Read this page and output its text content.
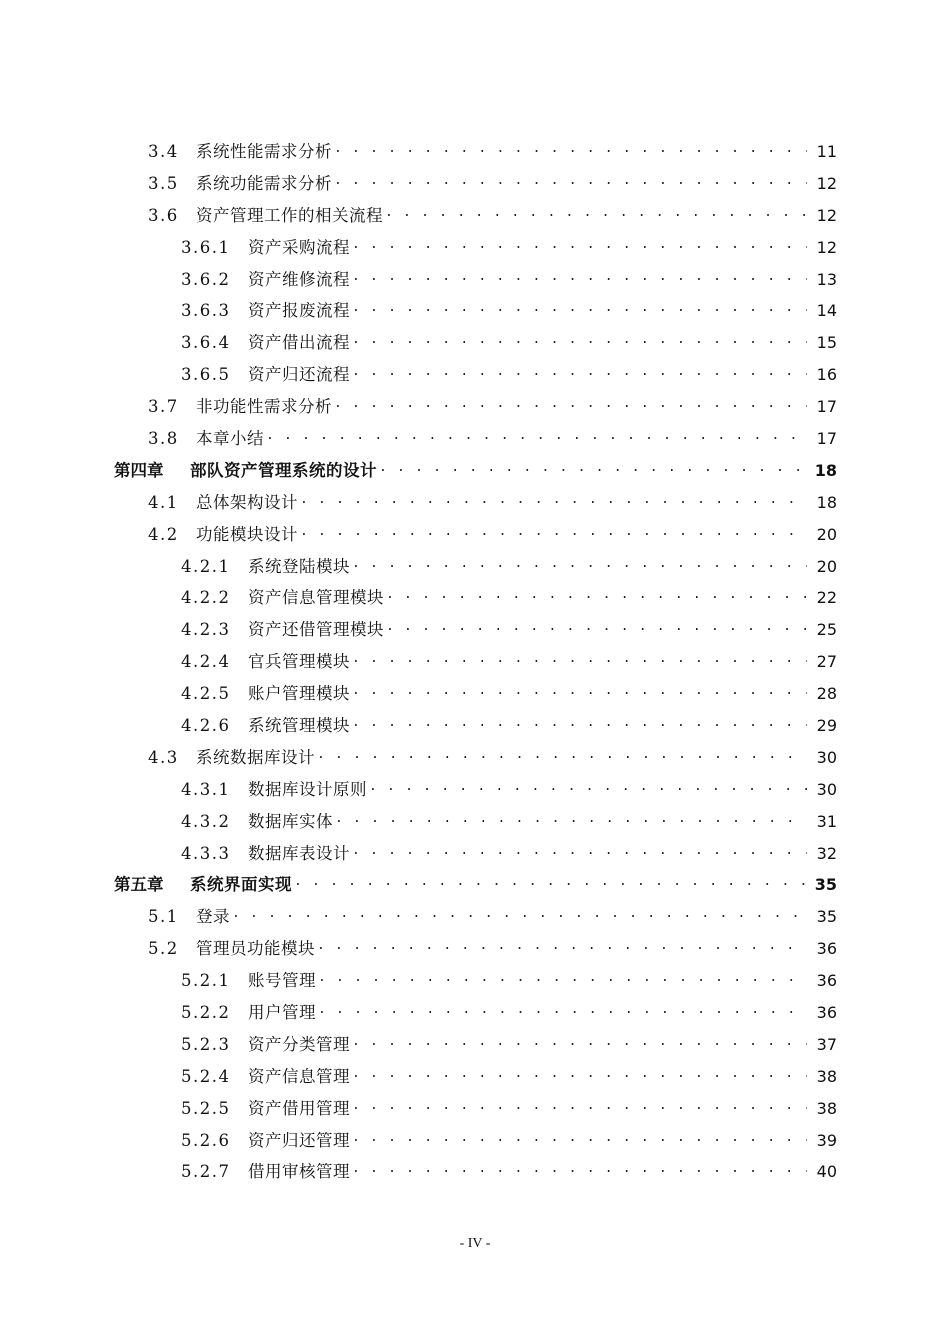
3.4	系统性能需求分析 . . .	11
3.5	系统功能需求分析 . . .	12
3.6	资产管理工作的相关流程 . . .	12
3.6.1	资产采购流程 . . .	12
3.6.2	资产维修流程 . . .	13
3.6.3	资产报废流程 . . .	14
3.6.4	资产借出流程 . . .	15
3.6.5	资产归还流程 . . .	16
3.7	非功能性需求分析 . . .	17
3.8	本章小结 . . .	17
第四章	部队资产管理系统的设计 . . .	18
4.1	总体架构设计 . . .	18
4.2	功能模块设计 . . .	20
4.2.1	系统登陆模块 . . .	20
4.2.2	资产信息管理模块 . . .	22
4.2.3	资产还借管理模块 . . .	25
4.2.4	官兵管理模块 . . .	27
4.2.5	账户管理模块 . . .	28
4.2.6	系统管理模块 . . .	29
4.3	系统数据库设计 . . .	30
4.3.1	数据库设计原则 . . .	30
4.3.2	数据库实体 . . .	31
4.3.3	数据库表设计 . . .	32
第五章	系统界面实现 . . .	35
5.1	登录 . . .	35
5.2	管理员功能模块 . . .	36
5.2.1	账号管理 . . .	36
5.2.2	用户管理 . . .	36
5.2.3	资产分类管理 . . .	37
5.2.4	资产信息管理 . . .	38
5.2.5	资产借用管理 . . .	38
5.2.6	资产归还管理 . . .	39
5.2.7	借用审核管理 . . .	40
- IV -
